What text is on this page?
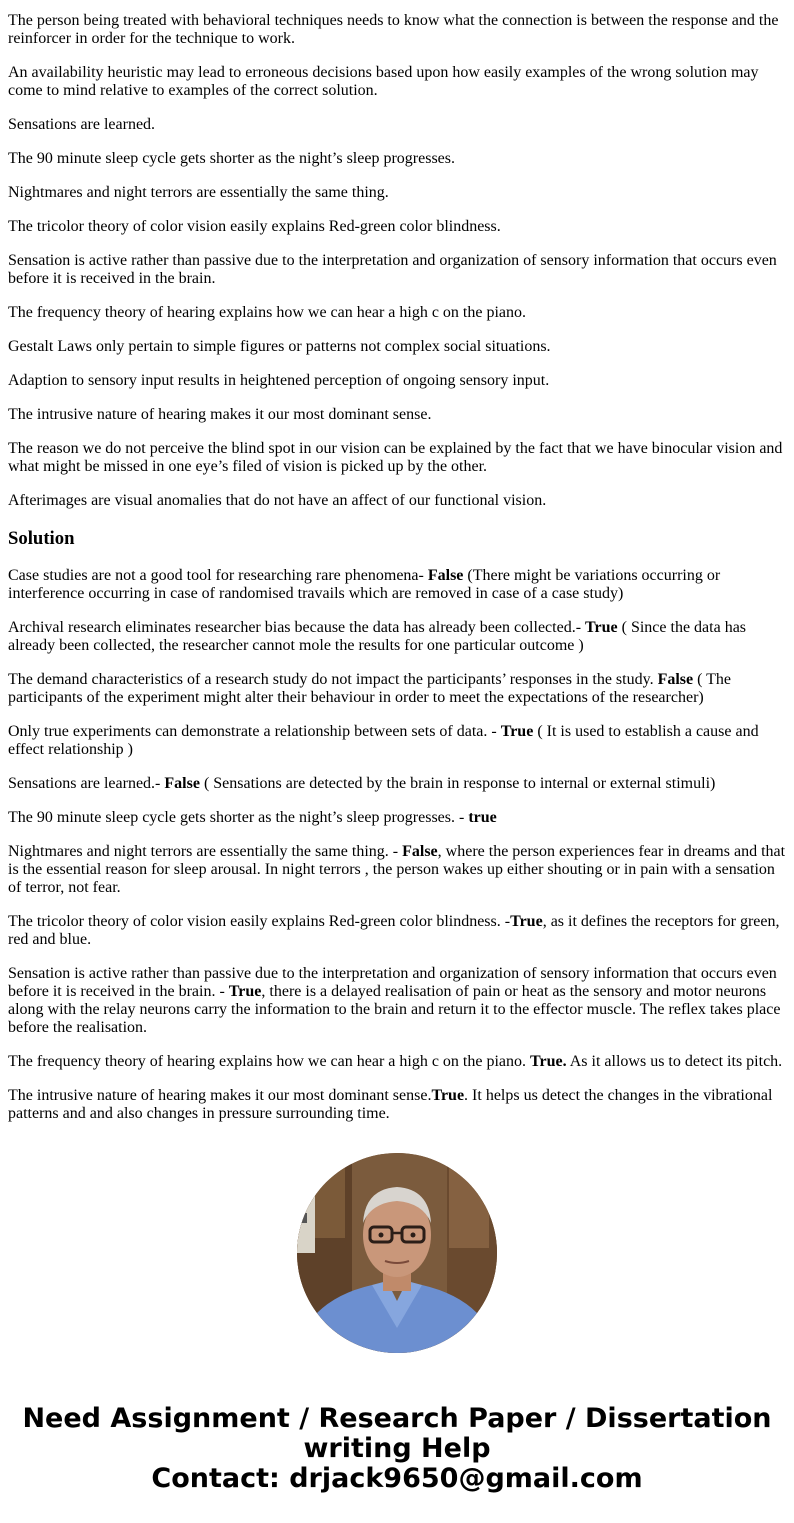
The person being treated with behavioral techniques needs to know what the connection is between the response and the reinforcer in order for the technique to work.

An availability heuristic may lead to erroneous decisions based upon how easily examples of the wrong solution may come to mind relative to examples of the correct solution.

Sensations are learned.

The 90 minute sleep cycle gets shorter as the night’s sleep progresses.

Nightmares and night terrors are essentially the same thing.

The tricolor theory of color vision easily explains Red-green color blindness.

Sensation is active rather than passive due to the interpretation and organization of sensory information that occurs even before it is received in the brain.

The frequency theory of hearing explains how we can hear a high c on the piano.

Gestalt Laws only pertain to simple figures or patterns not complex social situations.

Adaption to sensory input results in heightened perception of ongoing sensory input.

The intrusive nature of hearing makes it our most dominant sense.

The reason we do not perceive the blind spot in our vision can be explained by the fact that we have binocular vision and what might be missed in one eye’s filed of vision is picked up by the other.

Afterimages are visual anomalies that do not have an affect of our functional vision.

Solution

Case studies are not a good tool for researching rare phenomena- False (There might be variations occurring or interference occurring in case of randomised travails which are removed in case of a case study)

Archival research eliminates researcher bias because the data has already been collected.- True ( Since the data has already been collected, the researcher cannot mole the results for one particular outcome )

The demand characteristics of a research study do not impact the participants’ responses in the study. False ( The participants of the experiment might alter their behaviour in order to meet the expectations of the researcher)

Only true experiments can demonstrate a relationship between sets of data. - True ( It is used to establish a cause and effect relationship )

Sensations are learned.- False ( Sensations are detected by the brain in response to internal or external stimuli)

The 90 minute sleep cycle gets shorter as the night’s sleep progresses. - true

Nightmares and night terrors are essentially the same thing. - False, where the person experiences fear in dreams and that is the essential reason for sleep arousal. In night terrors , the person wakes up either shouting or in pain with a sensation of terror, not fear.

The tricolor theory of color vision easily explains Red-green color blindness. -True, as it defines the receptors for green, red and blue.

Sensation is active rather than passive due to the interpretation and organization of sensory information that occurs even before it is received in the brain. - True, there is a delayed realisation of pain or heat as the sensory and motor neurons along with the relay neurons carry the information to the brain and return it to the effector muscle. The reflex takes place before the realisation.

The frequency theory of hearing explains how we can hear a high c on the piano. True. As it allows us to detect its pitch.

The intrusive nature of hearing makes it our most dominant sense.True. It helps us detect the changes in the vibrational patterns and and also changes in pressure surrounding time.

Need Assignment / Research Paper / Dissertation
writing Help
Contact: drjack9650@gmail.com
